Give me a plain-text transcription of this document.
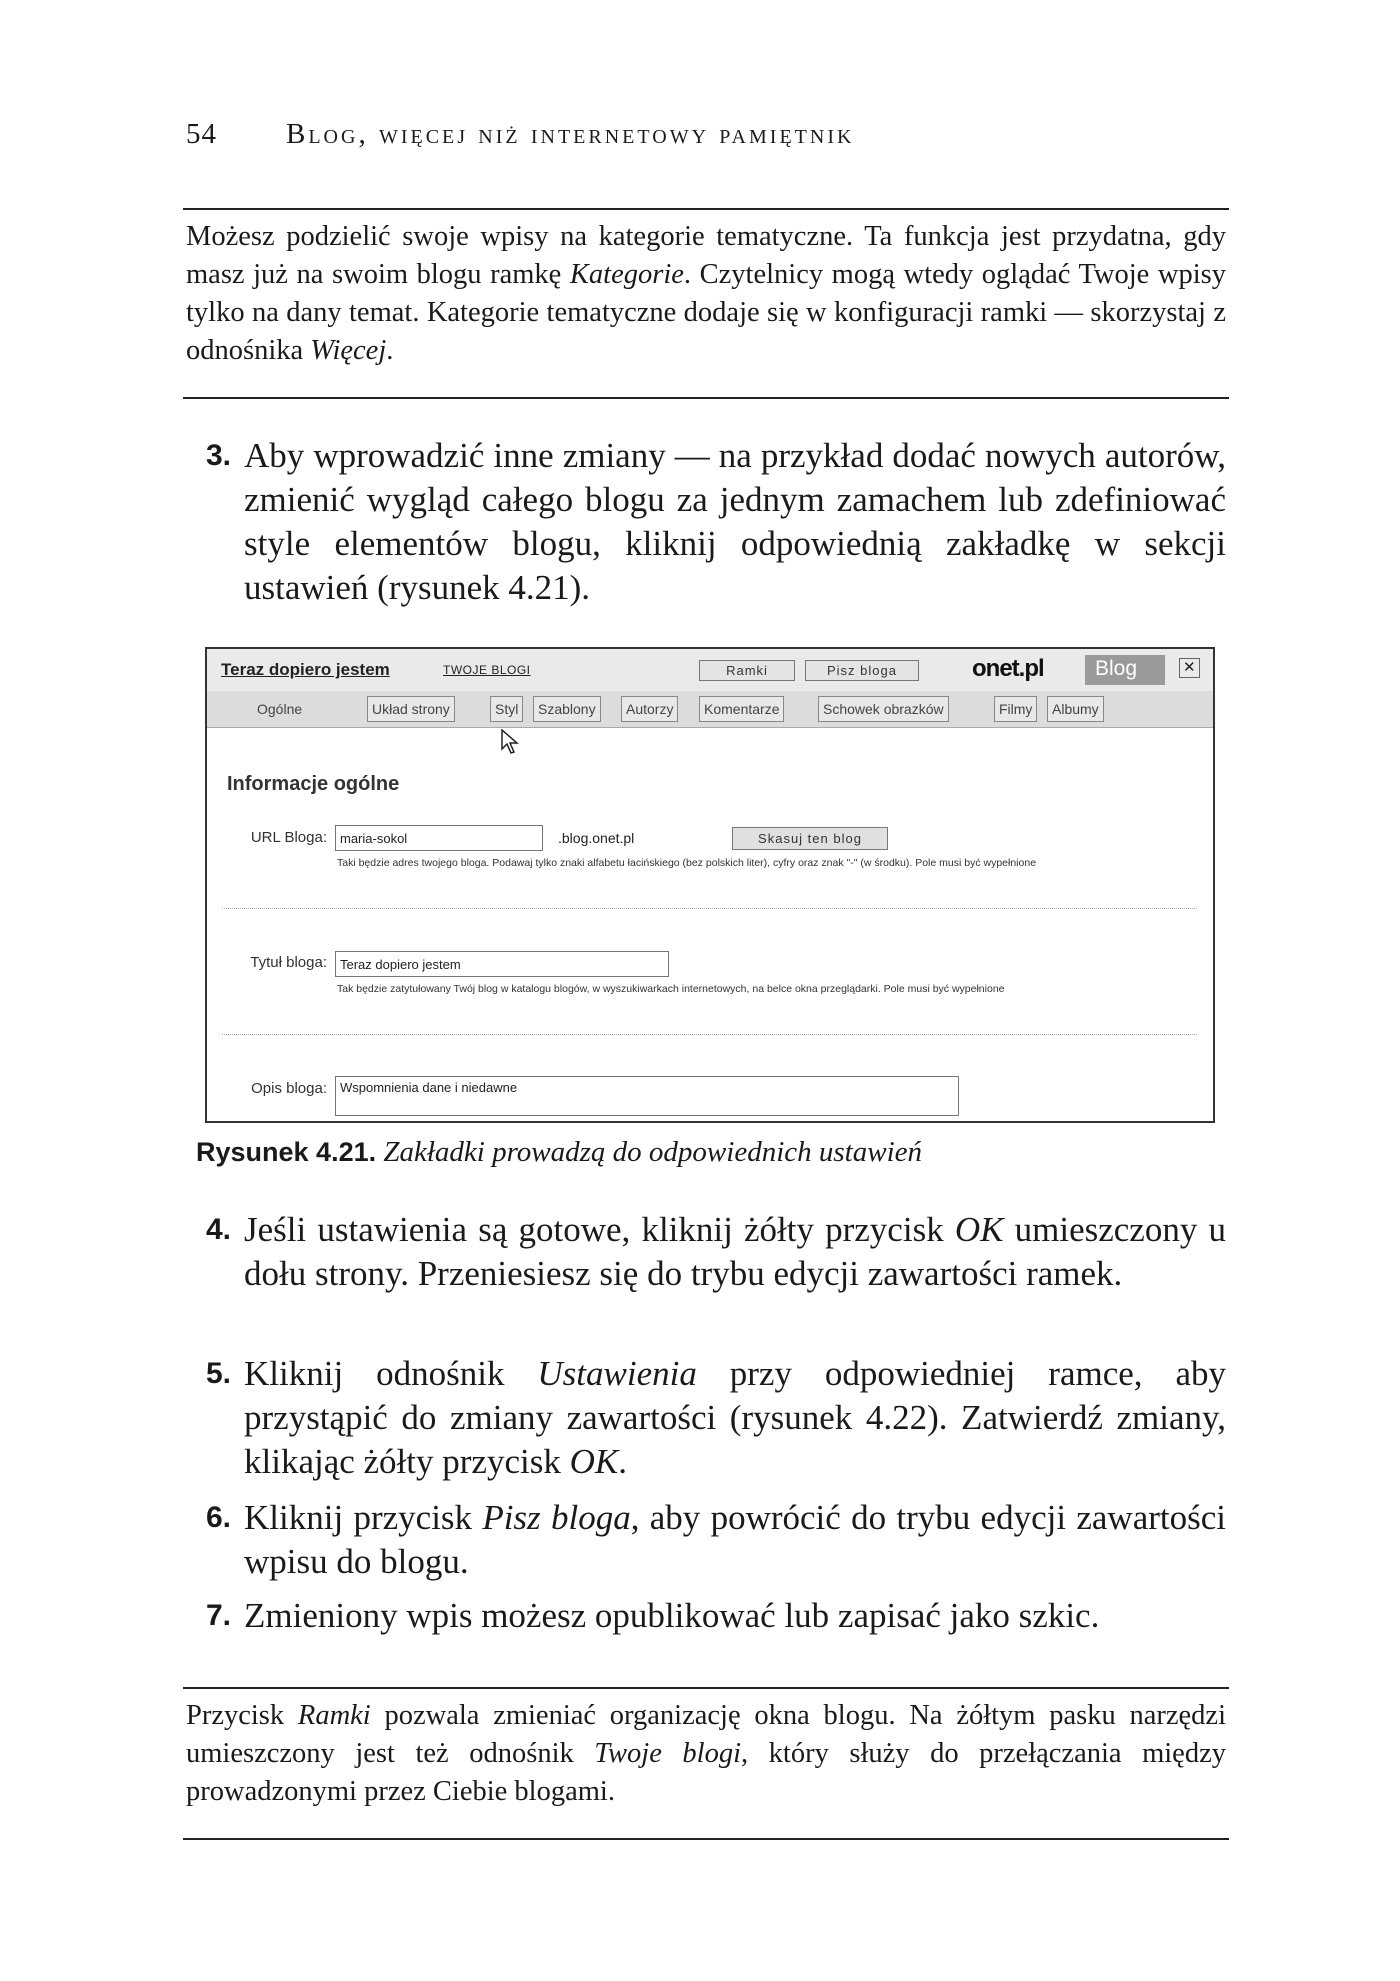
54 Blog, więcej niż internetowy pamiętnik
Możesz podzielić swoje wpisy na kategorie tematyczne. Ta funkcja jest przydatna, gdy masz już na swoim blogu ramkę Kategorie. Czytelnicy mogą wtedy oglądać Twoje wpisy tylko na dany temat. Kategorie tematyczne dodaje się w konfiguracji ramki — skorzystaj z odnośnika Więcej.
3. Aby wprowadzić inne zmiany — na przykład dodać nowych autorów, zmienić wygląd całego blogu za jednym zamachem lub zdefiniować style elementów blogu, kliknij odpowiednią zakładkę w sekcji ustawień (rysunek 4.21).
Teraz dopiero jestem	TWOJE BLOGI	Ramki	Pisz bloga	onet.pl Blog	✕
Ogólne	Układ strony	Styl	Szablony	Autorzy	Komentarze	Schowek obrazków	Filmy	Albumy
Informacje ogólne
URL Bloga:	maria-sokol	.blog.onet.pl	Skasuj ten blog
Taki będzie adres twojego bloga. Podawaj tylko znaki alfabetu łacińskiego (bez polskich liter), cyfry oraz znak "-" (w środku). Pole musi być wypełnione
Tytuł bloga:	Teraz dopiero jestem
Tak będzie zatytułowany Twój blog w katalogu blogów, w wyszukiwarkach internetowych, na belce okna przeglądarki. Pole musi być wypełnione
Opis bloga:	Wspomnienia dane i niedawne
Rysunek 4.21. Zakładki prowadzą do odpowiednich ustawień
4. Jeśli ustawienia są gotowe, kliknij żółty przycisk OK umieszczony u dołu strony. Przeniesiesz się do trybu edycji zawartości ramek.
5. Kliknij odnośnik Ustawienia przy odpowiedniej ramce, aby przystąpić do zmiany zawartości (rysunek 4.22). Zatwierdź zmiany, klikając żółty przycisk OK.
6. Kliknij przycisk Pisz bloga, aby powrócić do trybu edycji zawartości wpisu do blogu.
7. Zmieniony wpis możesz opublikować lub zapisać jako szkic.
Przycisk Ramki pozwala zmieniać organizację okna blogu. Na żółtym pasku narzędzi umieszczony jest też odnośnik Twoje blogi, który służy do przełączania między prowadzonymi przez Ciebie blogami.
